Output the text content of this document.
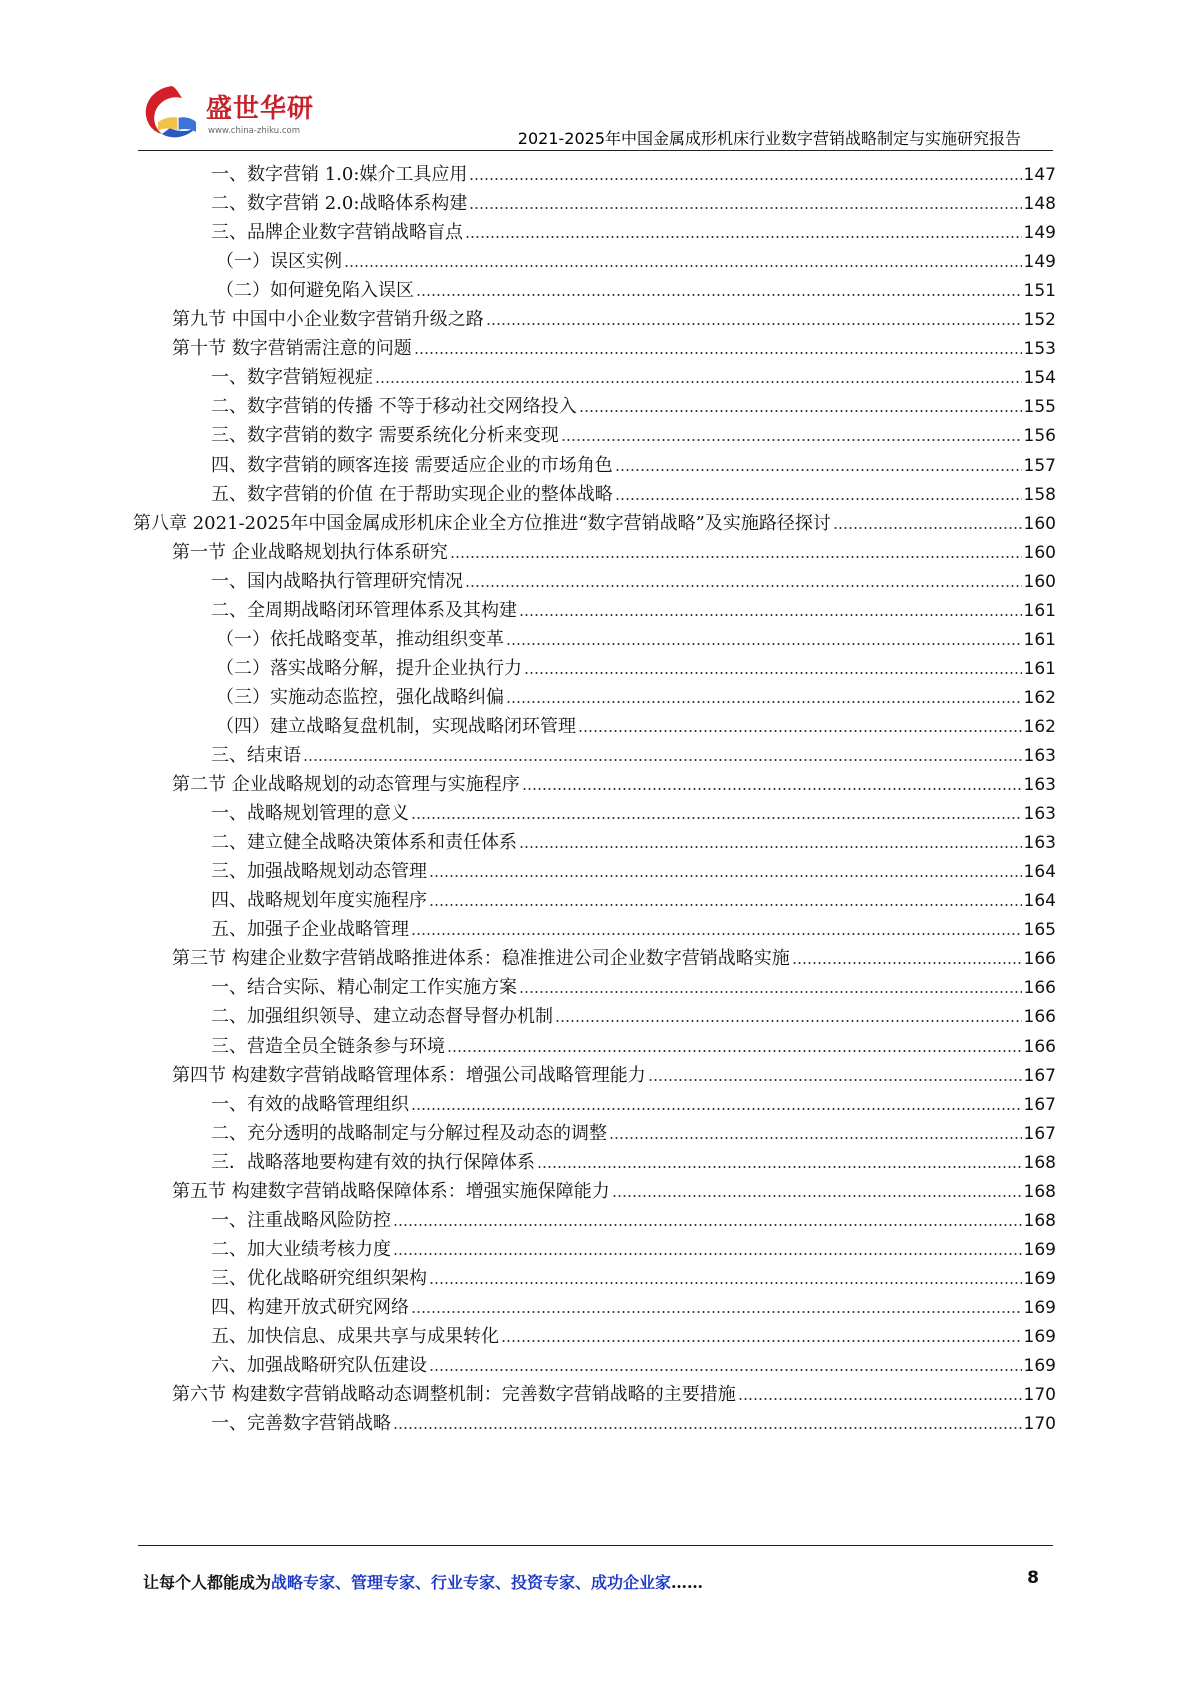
盛世华研
www.china-zhiku.com	2021-2025年中国金属成形机床行业数字营销战略制定与实施研究报告
一、数字营销 1.0:媒介工具应用	147
二、数字营销 2.0:战略体系构建	148
三、品牌企业数字营销战略盲点	149
（一）误区实例	149
（二）如何避免陷入误区	151
第九节 中国中小企业数字营销升级之路	152
第十节 数字营销需注意的问题	153
一、数字营销短视症	154
二、数字营销的传播 不等于移动社交网络投入	155
三、数字营销的数字 需要系统化分析来变现	156
四、数字营销的顾客连接 需要适应企业的市场角色	157
五、数字营销的价值 在于帮助实现企业的整体战略	158
第八章 2021-2025年中国金属成形机床企业全方位推进“数字营销战略”及实施路径探讨	160
第一节 企业战略规划执行体系研究	160
一、国内战略执行管理研究情况	160
二、全周期战略闭环管理体系及其构建	161
（一）依托战略变革，推动组织变革	161
（二）落实战略分解，提升企业执行力	161
（三）实施动态监控，强化战略纠偏	162
（四）建立战略复盘机制，实现战略闭环管理	162
三、结束语	163
第二节 企业战略规划的动态管理与实施程序	163
一、战略规划管理的意义	163
二、建立健全战略决策体系和责任体系	163
三、加强战略规划动态管理	164
四、战略规划年度实施程序	164
五、加强子企业战略管理	165
第三节 构建企业数字营销战略推进体系：稳准推进公司企业数字营销战略实施	166
一、结合实际、精心制定工作实施方案	166
二、加强组织领导、建立动态督导督办机制	166
三、营造全员全链条参与环境	166
第四节 构建数字营销战略管理体系：增强公司战略管理能力	167
一、有效的战略管理组织	167
二、充分透明的战略制定与分解过程及动态的调整	167
三．战略落地要构建有效的执行保障体系	168
第五节 构建数字营销战略保障体系：增强实施保障能力	168
一、注重战略风险防控	168
二、加大业绩考核力度	169
三、优化战略研究组织架构	169
四、构建开放式研究网络	169
五、加快信息、成果共享与成果转化	169
六、加强战略研究队伍建设	169
第六节 构建数字营销战略动态调整机制：完善数字营销战略的主要措施	170
一、完善数字营销战略	170
让每个人都能成为战略专家、管理专家、行业专家、投资专家、成功企业家……	8
